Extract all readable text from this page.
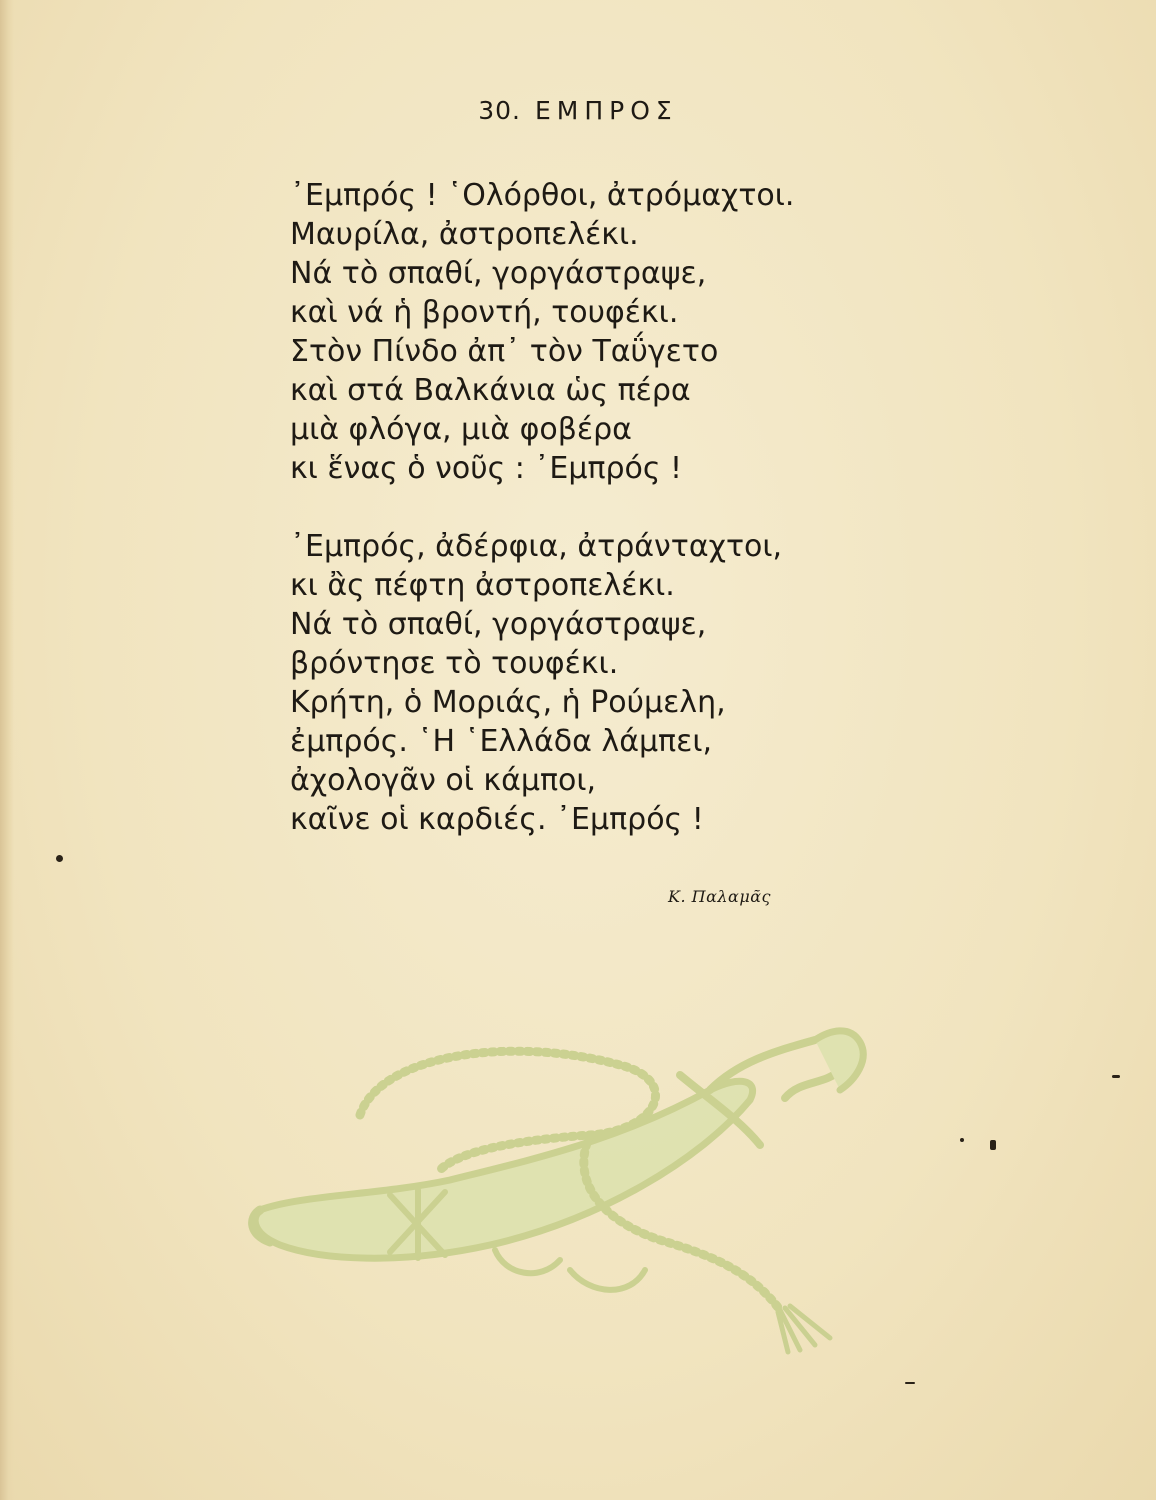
30. ΕΜΠΡΟΣ
᾿Εμπρός ! ῾Ολόρθοι, ἀτρόμαχτοι.
Μαυρίλα, ἀστροπελέκι.
Νά τὸ σπαθί, γοργάστραψε,
καὶ νά ἡ βροντή, τουφέκι.
Στὸν Πίνδο ἀπ᾿ τὸν Ταΰγετο
καὶ στά Βαλκάνια ὡς πέρα
μιὰ φλόγα, μιὰ φοβέρα
κι ἕνας ὁ νοῦς : ᾿Εμπρός !
᾿Εμπρός, ἀδέρφια, ἀτράνταχτοι,
κι ἂς πέφτη ἀστροπελέκι.
Νά τὸ σπαθί, γοργάστραψε,
βρόντησε τὸ τουφέκι.
Κρήτη, ὁ Μοριάς, ἡ Ρούμελη,
ἐμπρός. ῾Η ῾Ελλάδα λάμπει,
ἀχολογᾶν οἱ κάμποι,
καῖνε οἱ καρδιές. ᾿Εμπρός !
Κ. Παλαμᾶς
